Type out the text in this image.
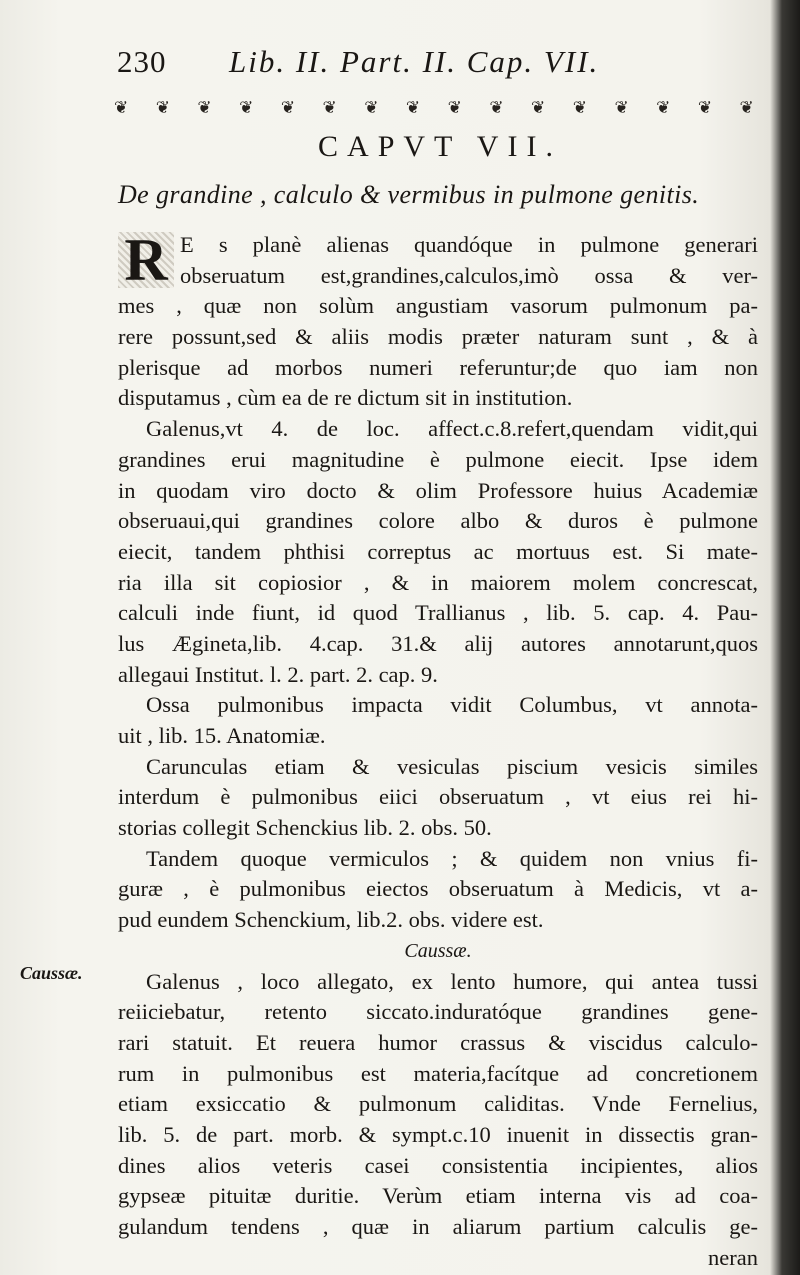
230 Lib. II. Part. II. Cap. VII.
❦ ❦ ❦ ❦ ❦ ❦ ❦ ❦ ❦ ❦ ❦ ❦ ❦ ❦ ❦ ❦
CAPVT VII.
De grandine , calculo & vermibus in pulmone genitis.
R E s planè alienas quandóque in pulmone generari
obseruatum est,grandines,calculos,imò ossa & ver-
mes , quæ non solùm angustiam vasorum pulmonum pa-
rere possunt,sed & aliis modis præter naturam sunt , & à
plerisque ad morbos numeri referuntur;de quo iam non
disputamus , cùm ea de re dictum sit in institution.
Galenus,vt 4. de loc. affect.c.8.refert,quendam vidit,qui
grandines erui magnitudine è pulmone eiecit. Ipse idem
in quodam viro docto & olim Professore huius Academiæ
obseruaui,qui grandines colore albo & duros è pulmone
eiecit, tandem phthisi correptus ac mortuus est. Si mate-
ria illa sit copiosior , & in maiorem molem concrescat,
calculi inde fiunt, id quod Trallianus , lib. 5. cap. 4. Pau-
lus Ægineta,lib. 4.cap. 31.& alij autores annotarunt,quos
allegaui Institut. l. 2. part. 2. cap. 9.
Ossa pulmonibus impacta vidit Columbus, vt annota-
uit , lib. 15. Anatomiæ.
Carunculas etiam & vesiculas piscium vesicis similes
interdum è pulmonibus eiici obseruatum , vt eius rei hi-
storias collegit Schenckius lib. 2. obs. 50.
Tandem quoque vermiculos ; & quidem non vnius fi-
guræ , è pulmonibus eiectos obseruatum à Medicis, vt a-
pud eundem Schenckium, lib.2. obs. videre est.
Caussæ.
Galenus , loco allegato, ex lento humore, qui antea tussi
reiiciebatur, retento siccato.induratóque grandines gene-
rari statuit. Et reuera humor crassus & viscidus calculo-
rum in pulmonibus est materia,facítque ad concretionem
etiam exsiccatio & pulmonum caliditas. Vnde Fernelius,
lib. 5. de part. morb. & sympt.c.10 inuenit in dissectis gran-
dines alios veteris casei consistentia incipientes, alios
gypseæ pituitæ duritie. Verùm etiam interna vis ad coa-
gulandum tendens , quæ in aliarum partium calculis ge-
neran
Caussæ.
